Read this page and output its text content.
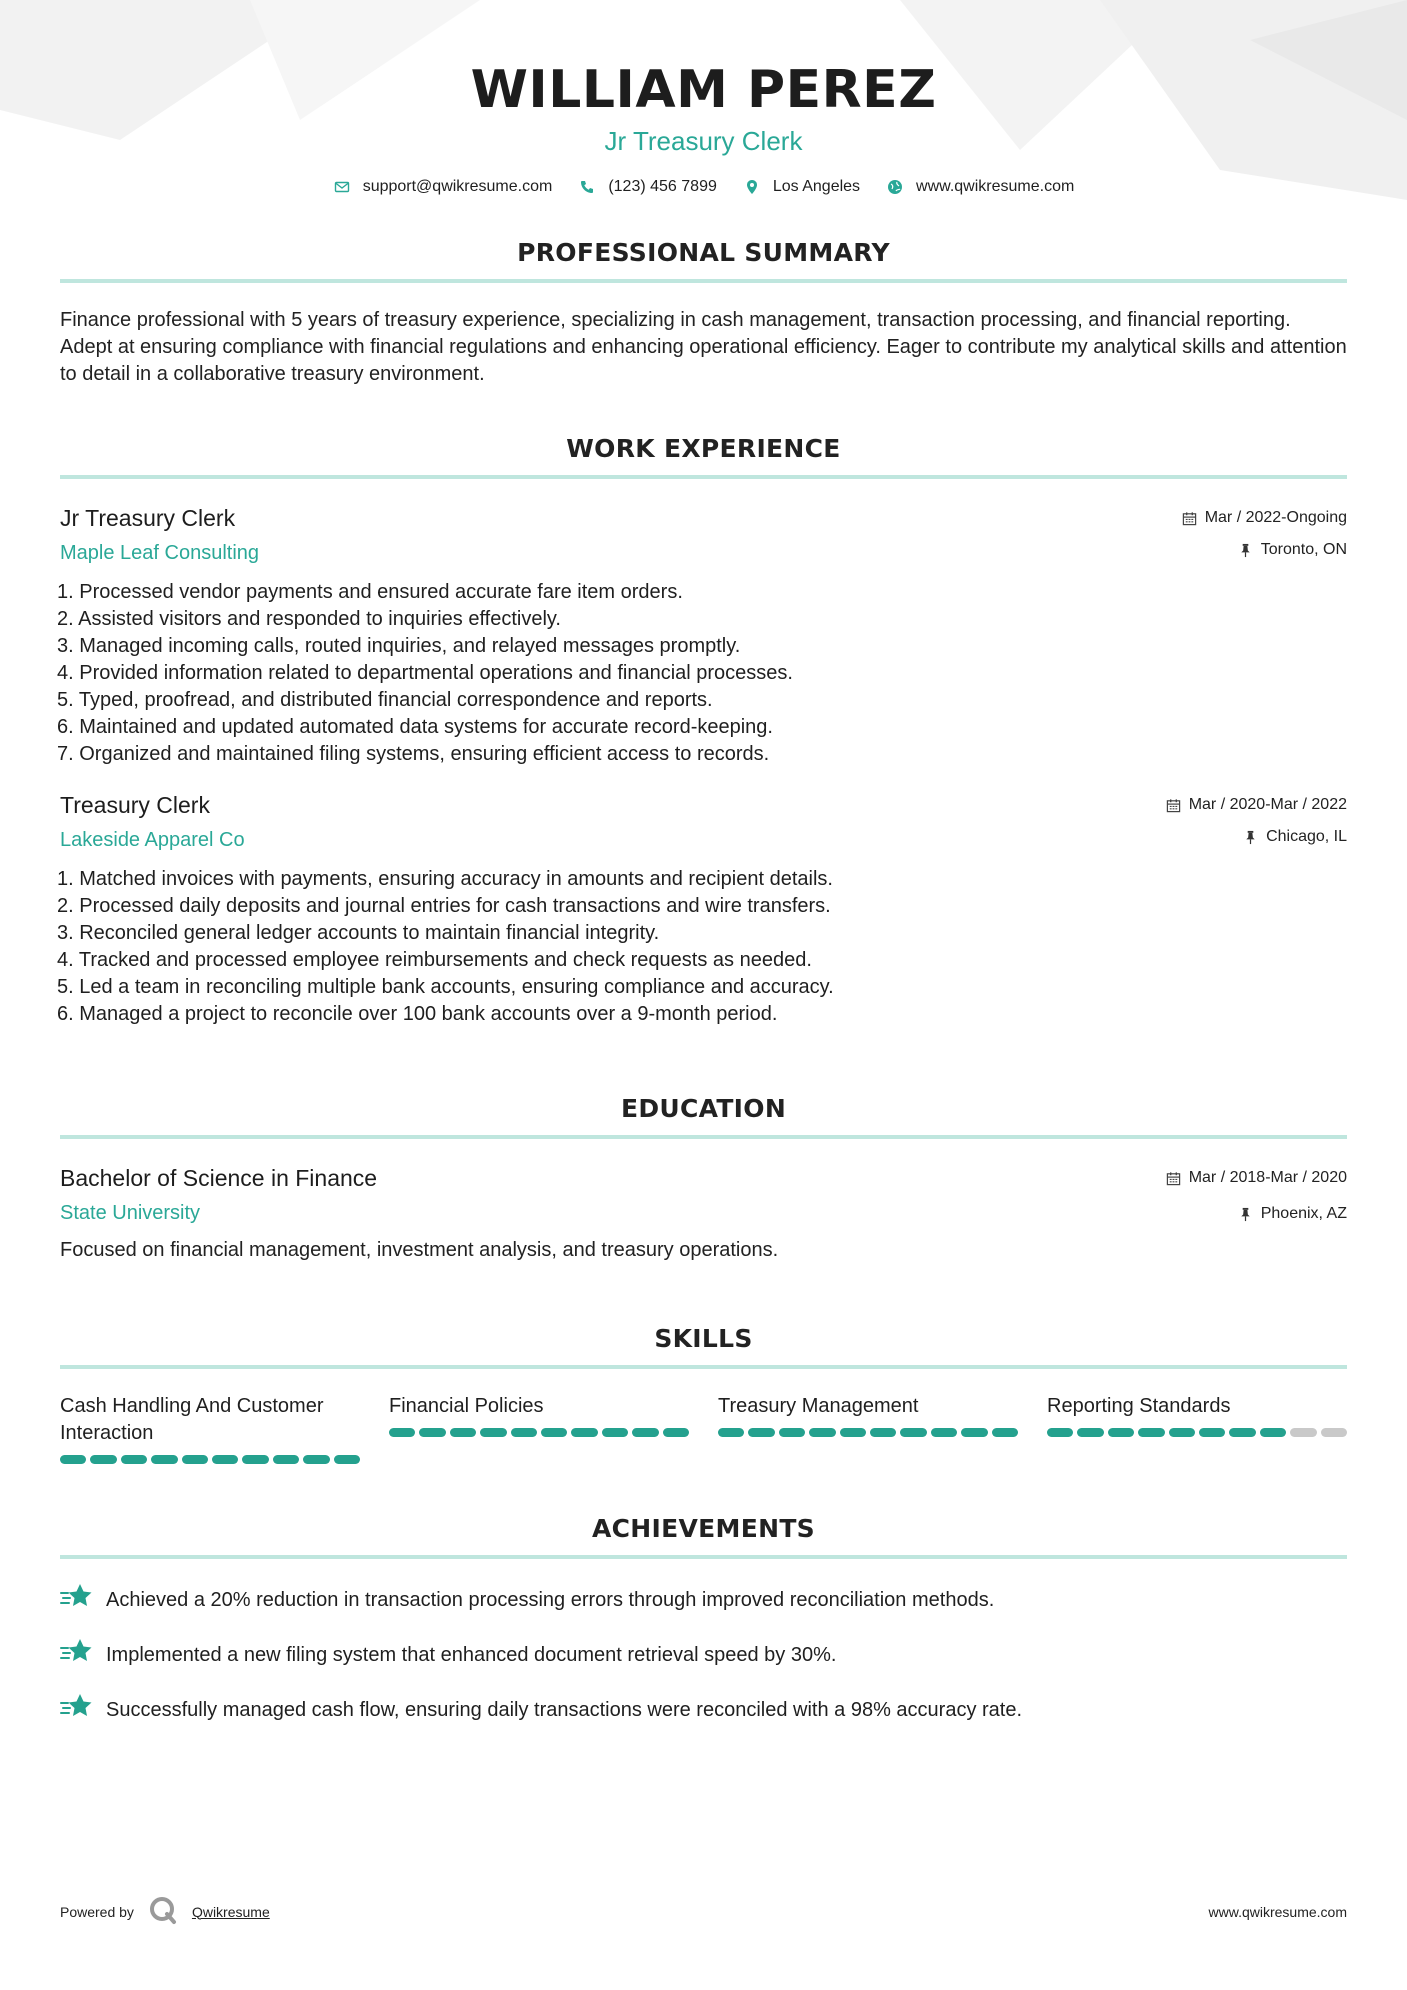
WILLIAM PEREZ
Jr Treasury Clerk
support@qwikresume.com	(123) 456 7899	Los Angeles	www.qwikresume.com
PROFESSIONAL SUMMARY
Finance professional with 5 years of treasury experience, specializing in cash management, transaction processing, and financial reporting. Adept at ensuring compliance with financial regulations and enhancing operational efficiency. Eager to contribute my analytical skills and attention to detail in a collaborative treasury environment.
WORK EXPERIENCE
Jr Treasury Clerk
Maple Leaf Consulting
Mar / 2022-Ongoing
Toronto, ON
1. Processed vendor payments and ensured accurate fare item orders.
2. Assisted visitors and responded to inquiries effectively.
3. Managed incoming calls, routed inquiries, and relayed messages promptly.
4. Provided information related to departmental operations and financial processes.
5. Typed, proofread, and distributed financial correspondence and reports.
6. Maintained and updated automated data systems for accurate record-keeping.
7. Organized and maintained filing systems, ensuring efficient access to records.
Treasury Clerk
Lakeside Apparel Co
Mar / 2020-Mar / 2022
Chicago, IL
1. Matched invoices with payments, ensuring accuracy in amounts and recipient details.
2. Processed daily deposits and journal entries for cash transactions and wire transfers.
3. Reconciled general ledger accounts to maintain financial integrity.
4. Tracked and processed employee reimbursements and check requests as needed.
5. Led a team in reconciling multiple bank accounts, ensuring compliance and accuracy.
6. Managed a project to reconcile over 100 bank accounts over a 9-month period.
EDUCATION
Bachelor of Science in Finance
State University
Mar / 2018-Mar / 2020
Phoenix, AZ
Focused on financial management, investment analysis, and treasury operations.
SKILLS
Cash Handling And Customer Interaction
Financial Policies	Treasury Management	Reporting Standards
ACHIEVEMENTS
Achieved a 20% reduction in transaction processing errors through improved reconciliation methods.
Implemented a new filing system that enhanced document retrieval speed by 30%.
Successfully managed cash flow, ensuring daily transactions were reconciled with a 98% accuracy rate.
Powered by	Qwikresume	www.qwikresume.com
